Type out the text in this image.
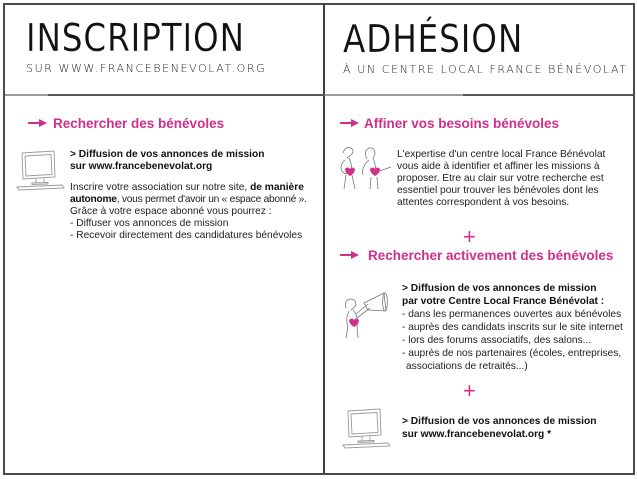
INSCRIPTION
SUR WWW.FRANCEBENEVOLAT.ORG
ADHÉSION
À UN CENTRE LOCAL FRANCE BÉNÉVOLAT
Rechercher des bénévoles
> Diffusion de vos annonces de mission
sur www.francebenevolat.org
Inscrire votre association sur notre site, de manière
autonome, vous permet d'avoir un « espace abonné ».
Grâce à votre espace abonné vous pourrez :
- Diffuser vos annonces de mission
- Recevoir directement des candidatures bénévoles
Affiner vos besoins bénévoles
L'expertise d'un centre local France Bénévolat
vous aide à identifier et affiner les missions à
proposer. Etre au clair sur votre recherche est
essentiel pour trouver les bénévoles dont les
attentes correspondent à vos besoins.
+
Rechercher activement des bénévoles
> Diffusion de vos annonces de mission
par votre Centre Local France Bénévolat :
- dans les permanences ouvertes aux bénévoles
- auprès des candidats inscrits sur le site internet
- lors des forums associatifs, des salons...
- auprès de nos partenaires (écoles, entreprises,
associations de retraités...)
+
> Diffusion de vos annonces de mission
sur www.francebenevolat.org *
